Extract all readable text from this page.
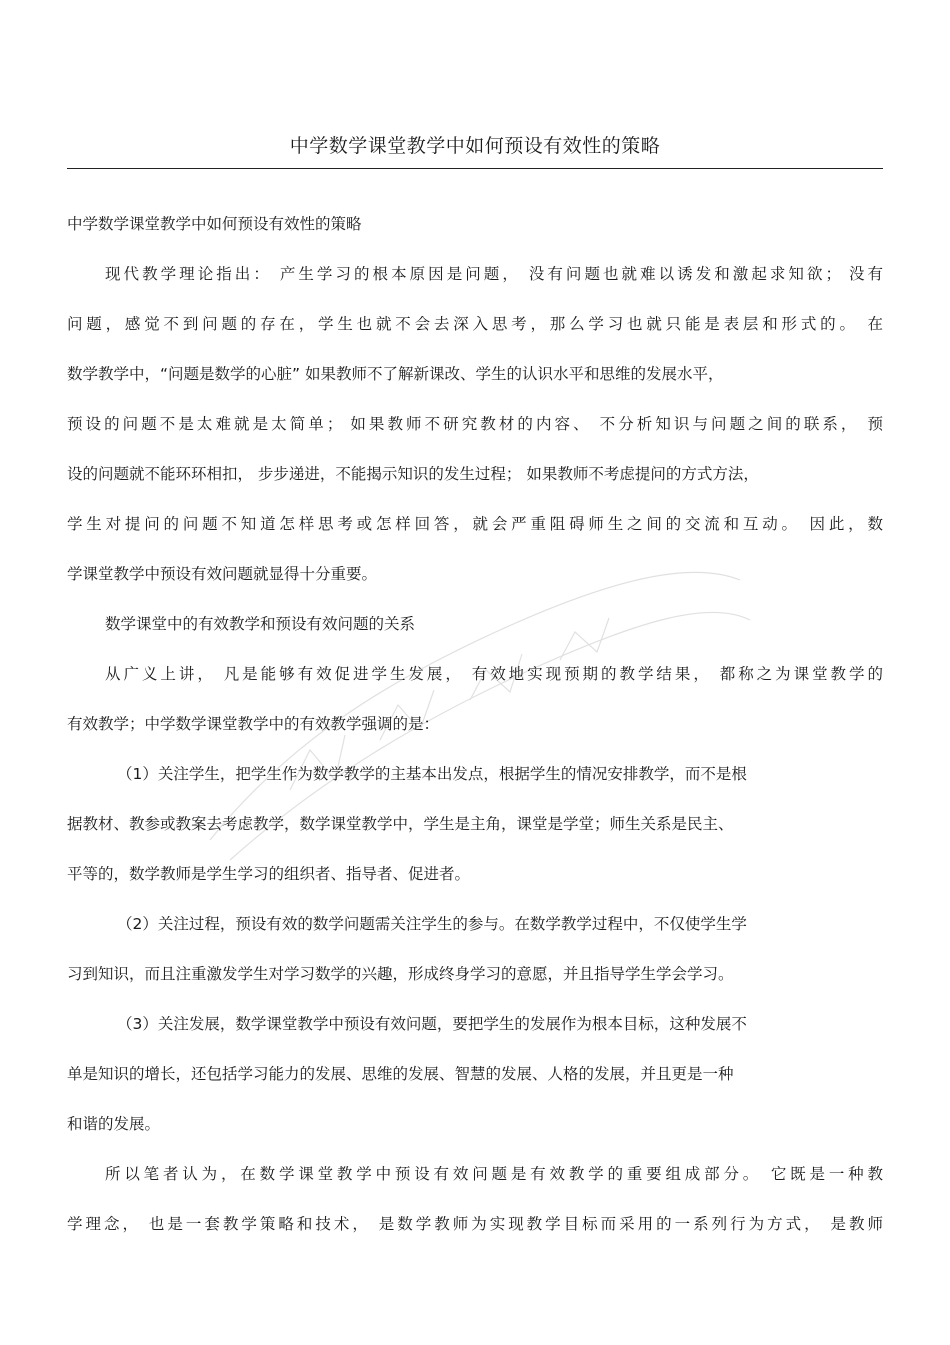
中学数学课堂教学中如何预设有效性的策略
中学数学课堂教学中如何预设有效性的策略
现代教学理论指出： 产生学习的根本原因是问题， 没有问题也就难以诱发和激起求知欲； 没有
问题，感觉不到问题的存在，学生也就不会去深入思考，那么学习也就只能是表层和形式的。 在
数学教学中，“问题是数学的心脏” 如果教师不了解新课改、学生的认识水平和思维的发展水平，
预设的问题不是太难就是太简单； 如果教师不研究教材的内容、 不分析知识与问题之间的联系， 预
设的问题就不能环环相扣， 步步递进，不能揭示知识的发生过程； 如果教师不考虑提问的方式方法，
学生对提问的问题不知道怎样思考或怎样回答，就会严重阻碍师生之间的交流和互动。 因此，数
学课堂教学中预设有效问题就显得十分重要。
数学课堂中的有效教学和预设有效问题的关系
从广义上讲， 凡是能够有效促进学生发展， 有效地实现预期的教学结果， 都称之为课堂教学的
有效教学；中学数学课堂教学中的有效教学强调的是：
（1）关注学生，把学生作为数学教学的主基本出发点，根据学生的情况安排教学，而不是根
据教材、教参或教案去考虑教学，数学课堂教学中，学生是主角，课堂是学堂；师生关系是民主、
平等的，数学教师是学生学习的组织者、指导者、促进者。
（2）关注过程，预设有效的数学问题需关注学生的参与。在数学教学过程中，不仅使学生学
习到知识，而且注重激发学生对学习数学的兴趣，形成终身学习的意愿，并且指导学生学会学习。
（3）关注发展，数学课堂教学中预设有效问题，要把学生的发展作为根本目标，这种发展不
单是知识的增长，还包括学习能力的发展、思维的发展、智慧的发展、人格的发展，并且更是一种
和谐的发展。
所以笔者认为，在数学课堂教学中预设有效问题是有效教学的重要组成部分。 它既是一种教
学理念， 也是一套教学策略和技术， 是数学教师为实现教学目标而采用的一系列行为方式， 是教师
